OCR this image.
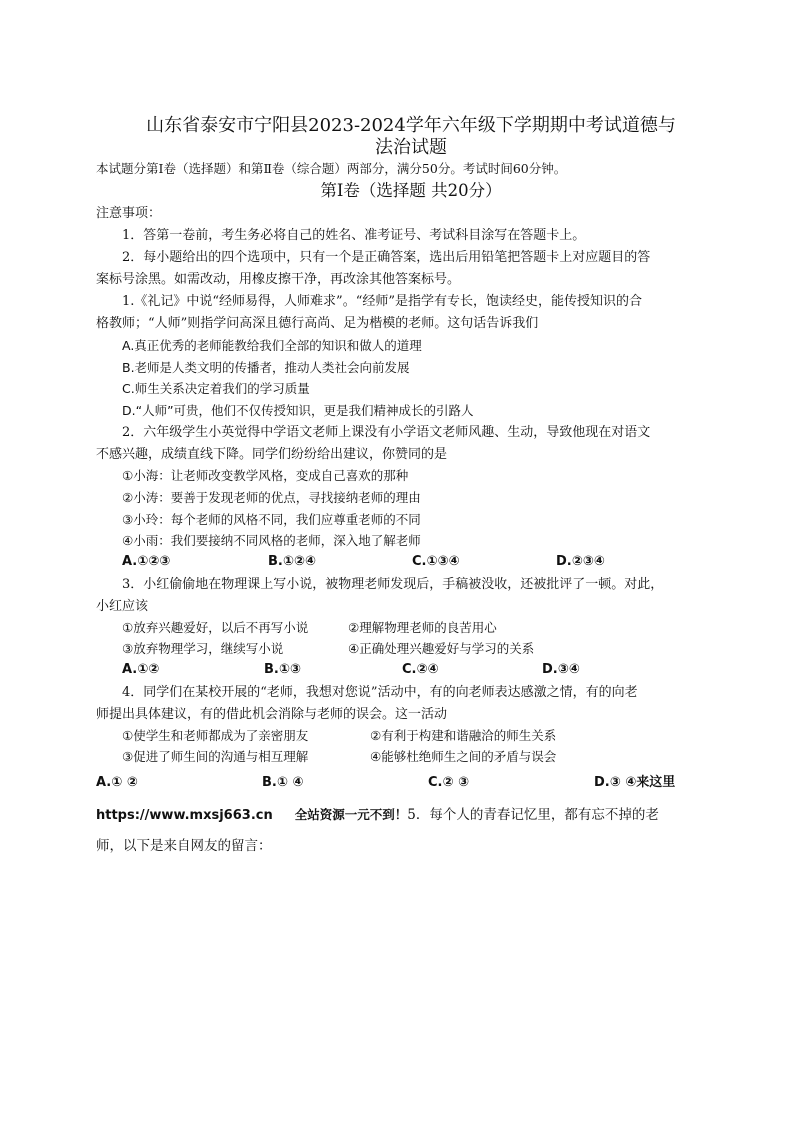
山东省泰安市宁阳县2023-2024学年六年级下学期期中考试道德与
法治试题
本试题分第Ⅰ卷（选择题）和第Ⅱ卷（综合题）两部分，满分50分。考试时间60分钟。
第Ⅰ卷（选择题 共20分）
注意事项：
1．答第一卷前，考生务必将自己的姓名、准考证号、考试科目涂写在答题卡上。
2．每小题给出的四个选项中，只有一个是正确答案，选出后用铅笔把答题卡上对应题目的答
案标号涂黑。如需改动，用橡皮擦干净，再改涂其他答案标号。
1.《礼记》中说“经师易得，人师难求”。“经师”是指学有专长，饱读经史，能传授知识的合
格教师；“人师”则指学问高深且德行高尚、足为楷模的老师。这句话告诉我们
A.真正优秀的老师能教给我们全部的知识和做人的道理
B.老师是人类文明的传播者，推动人类社会向前发展
C.师生关系决定着我们的学习质量
D.“人师”可贵，他们不仅传授知识，更是我们精神成长的引路人
2．六年级学生小英觉得中学语文老师上课没有小学语文老师风趣、生动，导致他现在对语文
不感兴趣，成绩直线下降。同学们纷纷给出建议，你赞同的是
①小海：让老师改变教学风格，变成自己喜欢的那种
②小涛：要善于发现老师的优点，寻找接纳老师的理由
③小玲：每个老师的风格不同，我们应尊重老师的不同
④小雨：我们要接纳不同风格的老师，深入地了解老师
A.①②③	B.①②④	C.①③④	D.②③④
3．小红偷偷地在物理课上写小说，被物理老师发现后，手稿被没收，还被批评了一顿。对此，
小红应该
①放弃兴趣爱好，以后不再写小说	②理解物理老师的良苦用心
③放弃物理学习，继续写小说	④正确处理兴趣爱好与学习的关系
A.①②	B.①③	C.②④	D.③④
4．同学们在某校开展的“老师，我想对您说”活动中，有的向老师表达感激之情，有的向老
师提出具体建议，有的借此机会消除与老师的误会。这一活动
①使学生和老师都成为了亲密朋友	②有利于构建和谐融洽的师生关系
③促进了师生间的沟通与相互理解	④能够杜绝师生之间的矛盾与误会
A.① ②	B.① ④	C.② ③	D.③ ④来这里
https://www.mxsj663.cn 全站资源一元不到！5．每个人的青春记忆里，都有忘不掉的老
师，以下是来自网友的留言：
